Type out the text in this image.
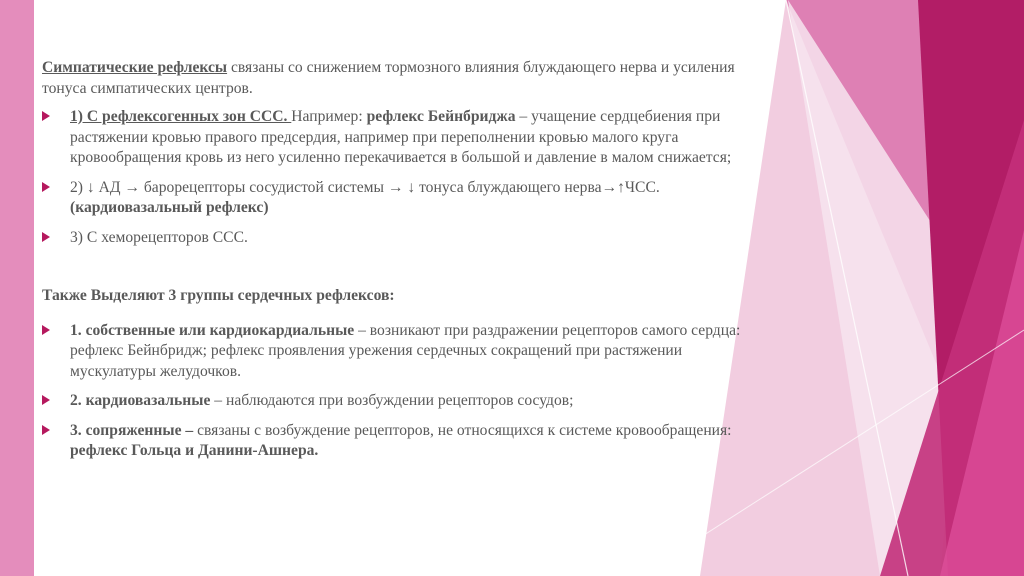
Симпатические рефлексы связаны со снижением тормозного влияния блуждающего нерва и усиления тонуса симпатических центров.

1) С рефлексогенных зон ССС. Например: рефлекс Бейнбриджа – учащение сердцебиения при растяжении кровью правого предсердия, например при переполнении кровью малого круга кровообращения кровь из него усиленно перекачивается в большой и давление в малом снижается;
2) ↓ АД → барорецепторы сосудистой системы → ↓ тонуса блуждающего нерва→↑ЧСС.(кардиовазальный рефлекс)
3) С хеморецепторов ССС.

Также Выделяют 3 группы сердечных рефлексов:

1. собственные или кардиокардиальные – возникают при раздражении рецепторов самого сердца: рефлекс Бейнбридж; рефлекс проявления урежения сердечных сокращений при растяжении мускулатуры желудочков.
2. кардиовазальные – наблюдаются при возбуждении рецепторов сосудов;
3. сопряженные – связаны с возбуждение рецепторов, не относящихся к системе кровообращения: рефлекс Гольца и Данини-Ашнера.
